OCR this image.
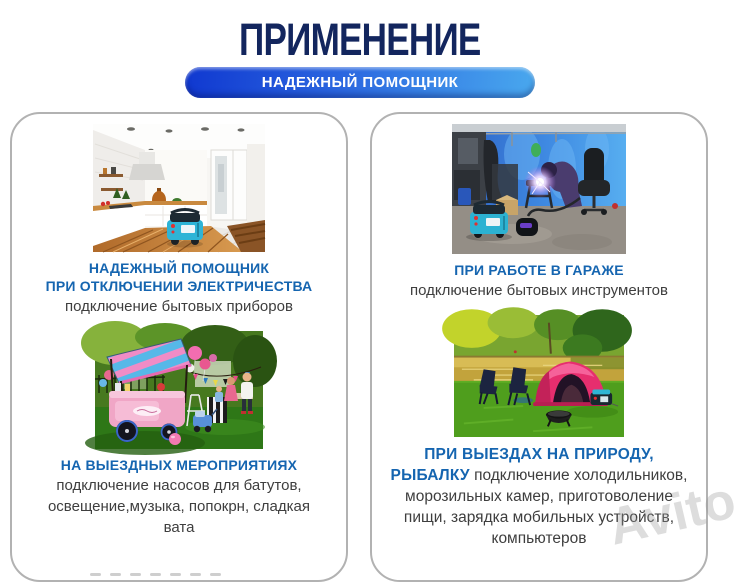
ПРИМЕНЕНИЕ
НАДЕЖНЫЙ ПОМОЩНИК
НАДЕЖНЫЙ ПОМОЩНИК
ПРИ ОТКЛЮЧЕНИИ ЭЛЕКТРИЧЕСТВА

подключение бытовых приборов

НА ВЫЕЗДНЫХ МЕРОПРИЯТИЯХ

подключение насосов для батутов, освещение,музыка, попокрн, сладкая вата

ПРИ РАБОТЕ В ГАРАЖЕ

подключение бытовых инструментов

ПРИ ВЫЕЗДАХ НА ПРИРОДУ,
РЫБАЛКУ подключение холодильников, морозильных камер, приготоволение пищи, зарядка мобильных устройств, компьютеров Avito
